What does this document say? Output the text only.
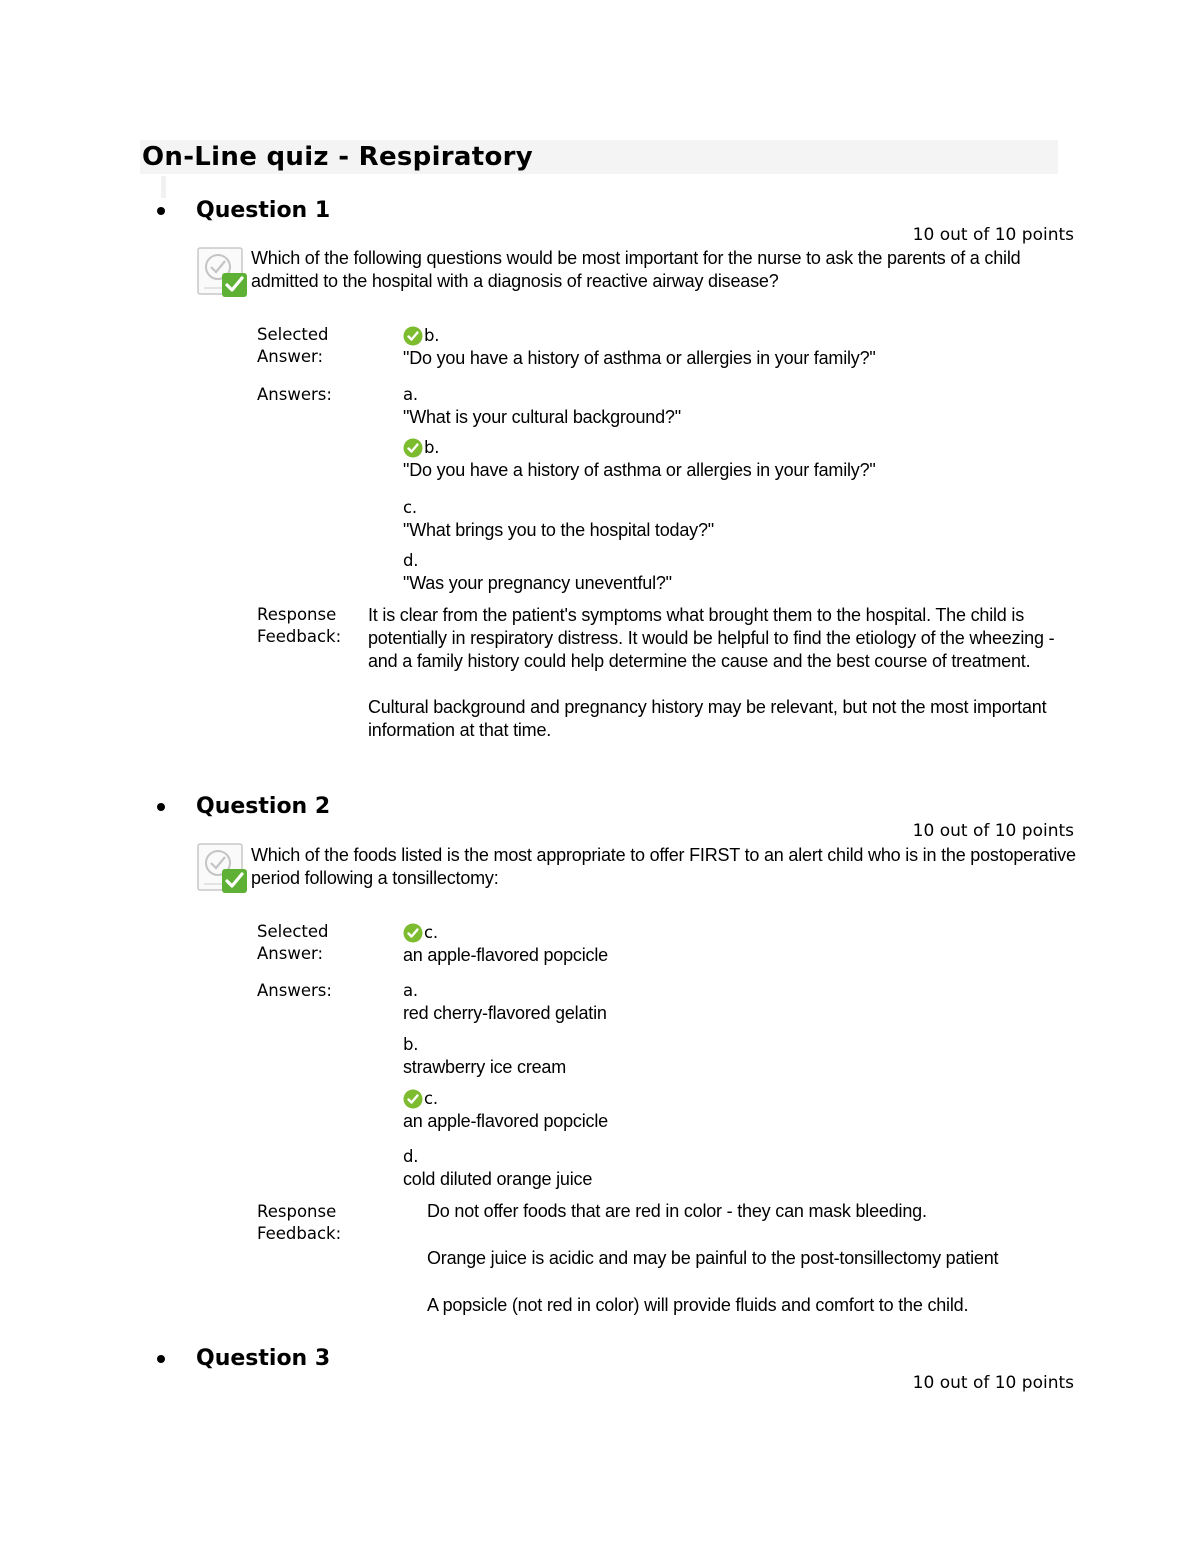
On-Line quiz - Respiratory
Question 1
10 out of 10 points
Which of the following questions would be most important for the nurse to ask the parents of a child admitted to the hospital with a diagnosis of reactive airway disease?
Selected Answer:
b.
"Do you have a history of asthma or allergies in your family?"
Answers:	a.
"What is your cultural background?"
b.
"Do you have a history of asthma or allergies in your family?"
c.
"What brings you to the hospital today?"
d.
"Was your pregnancy uneventful?"
Response Feedback:

It is clear from the patient's symptoms what brought them to the hospital. The child is potentially in respiratory distress. It would be helpful to find the etiology of the wheezing - and a family history could help determine the cause and the best course of treatment.

Cultural background and pregnancy history may be relevant, but not the most important information at that time.

Question 2
10 out of 10 points
Which of the foods listed is the most appropriate to offer FIRST to an alert child who is in the postoperative period following a tonsillectomy:
Selected Answer:
c.
an apple-flavored popcicle
Answers:	a.
red cherry-flavored gelatin
b.
strawberry ice cream
c.
an apple-flavored popcicle
d.
cold diluted orange juice
Response Feedback:

Do not offer foods that are red in color - they can mask bleeding.

Orange juice is acidic and may be painful to the post-tonsillectomy patient

A popsicle (not red in color) will provide fluids and comfort to the child.

Question 3
10 out of 10 points
